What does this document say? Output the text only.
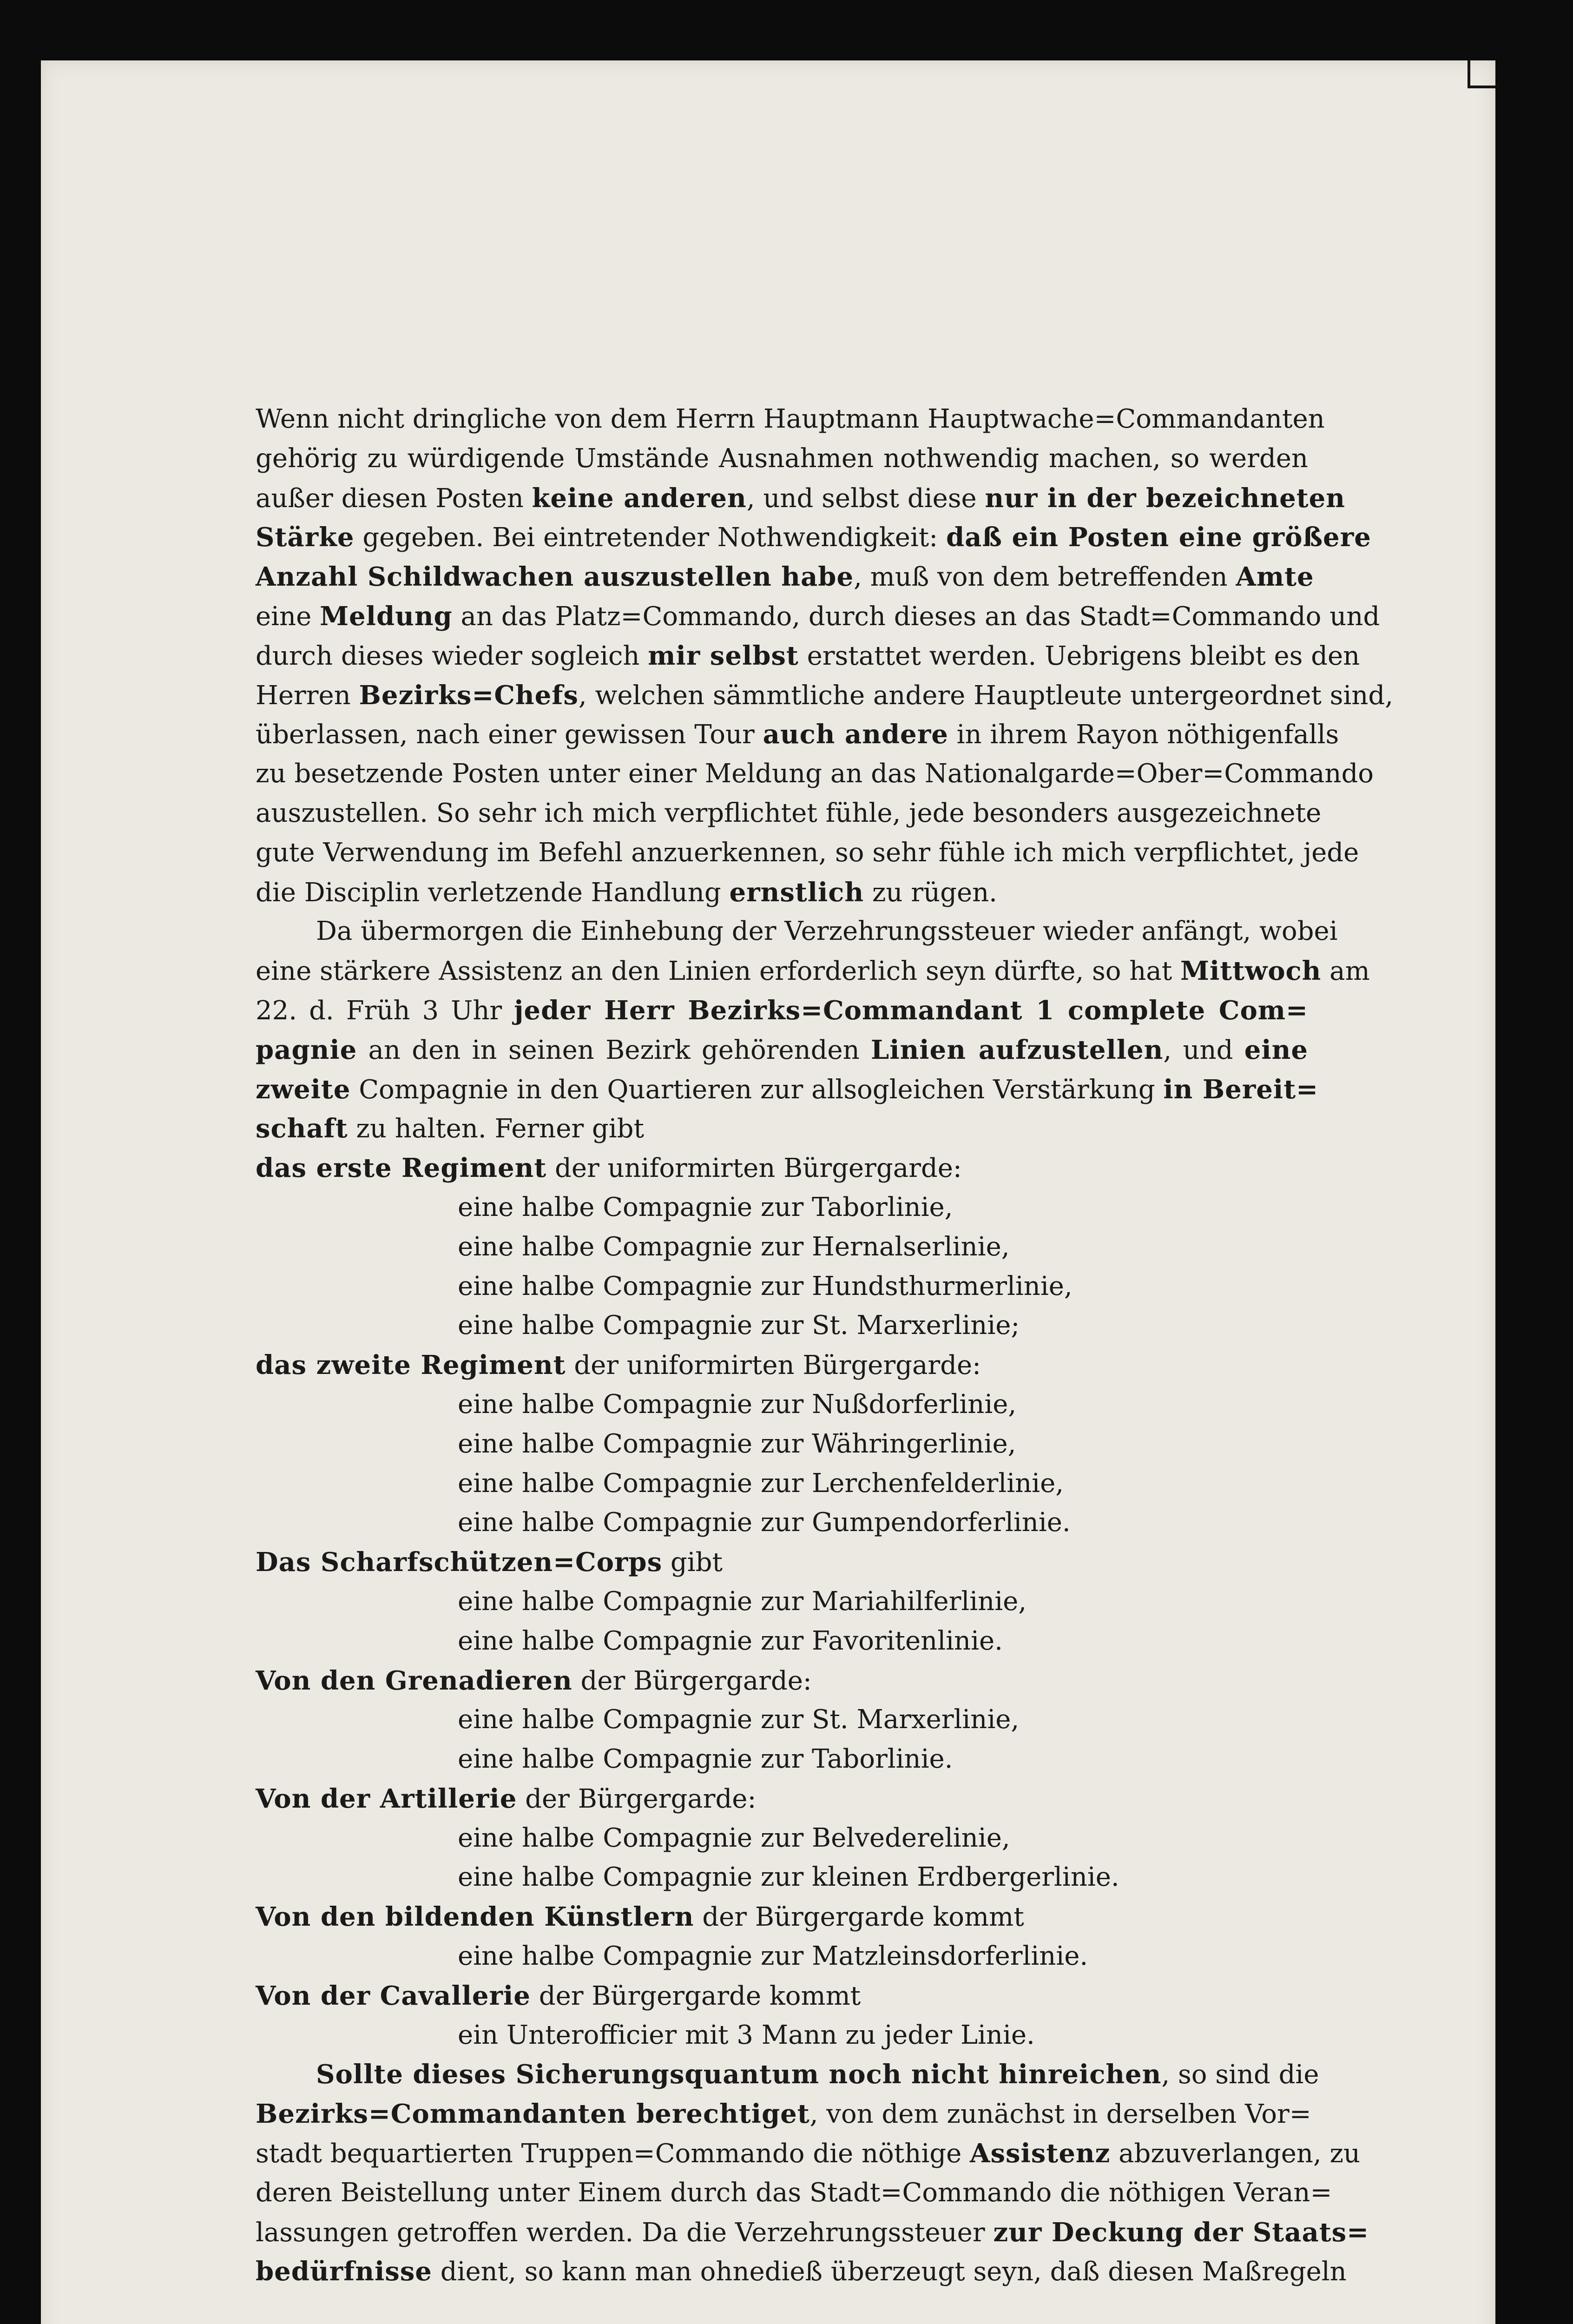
Wenn nicht dringliche von dem Herrn Hauptmann Hauptwache=Commandanten
gehörig zu würdigende Umstände Ausnahmen nothwendig machen, so werden
außer diesen Posten keine anderen, und selbst diese nur in der bezeichneten
Stärke gegeben. Bei eintretender Nothwendigkeit: daß ein Posten eine größere
Anzahl Schildwachen auszustellen habe, muß von dem betreffenden Amte
eine Meldung an das Platz=Commando, durch dieses an das Stadt=Commando und
durch dieses wieder sogleich mir selbst erstattet werden. Uebrigens bleibt es den
Herren Bezirks=Chefs, welchen sämmtliche andere Hauptleute untergeordnet sind,
überlassen, nach einer gewissen Tour auch andere in ihrem Rayon nöthigenfalls
zu besetzende Posten unter einer Meldung an das Nationalgarde=Ober=Commando
auszustellen. So sehr ich mich verpflichtet fühle, jede besonders ausgezeichnete
gute Verwendung im Befehl anzuerkennen, so sehr fühle ich mich verpflichtet, jede
die Disciplin verletzende Handlung ernstlich zu rügen.
Da übermorgen die Einhebung der Verzehrungssteuer wieder anfängt, wobei
eine stärkere Assistenz an den Linien erforderlich seyn dürfte, so hat Mittwoch am
22. d. Früh 3 Uhr jeder Herr Bezirks=Commandant 1 complete Com=
pagnie an den in seinen Bezirk gehörenden Linien aufzustellen, und eine
zweite Compagnie in den Quartieren zur allsogleichen Verstärkung in Bereit=
schaft zu halten. Ferner gibt
das erste Regiment der uniformirten Bürgergarde:
eine halbe Compagnie zur Taborlinie,
eine halbe Compagnie zur Hernalserlinie,
eine halbe Compagnie zur Hundsthurmerlinie,
eine halbe Compagnie zur St. Marxerlinie;
das zweite Regiment der uniformirten Bürgergarde:
eine halbe Compagnie zur Nußdorferlinie,
eine halbe Compagnie zur Währingerlinie,
eine halbe Compagnie zur Lerchenfelderlinie,
eine halbe Compagnie zur Gumpendorferlinie.
Das Scharfschützen=Corps gibt
eine halbe Compagnie zur Mariahilferlinie,
eine halbe Compagnie zur Favoritenlinie.
Von den Grenadieren der Bürgergarde:
eine halbe Compagnie zur St. Marxerlinie,
eine halbe Compagnie zur Taborlinie.
Von der Artillerie der Bürgergarde:
eine halbe Compagnie zur Belvederelinie,
eine halbe Compagnie zur kleinen Erdbergerlinie.
Von den bildenden Künstlern der Bürgergarde kommt
eine halbe Compagnie zur Matzleinsdorferlinie.
Von der Cavallerie der Bürgergarde kommt
ein Unterofficier mit 3 Mann zu jeder Linie.
Sollte dieses Sicherungsquantum noch nicht hinreichen, so sind die
Bezirks=Commandanten berechtiget, von dem zunächst in derselben Vor=
stadt bequartierten Truppen=Commando die nöthige Assistenz abzuverlangen, zu
deren Beistellung unter Einem durch das Stadt=Commando die nöthigen Veran=
lassungen getroffen werden. Da die Verzehrungssteuer zur Deckung der Staats=
bedürfnisse dient, so kann man ohnedieß überzeugt seyn, daß diesen Maßregeln
